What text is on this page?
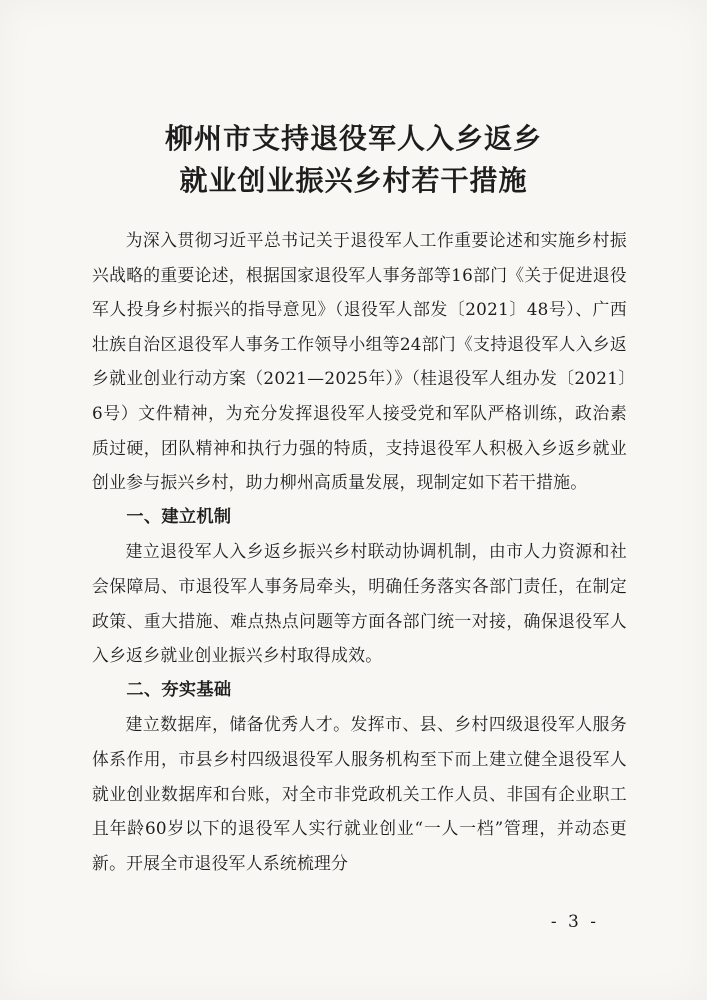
柳州市支持退役军人入乡返乡
就业创业振兴乡村若干措施

为深入贯彻习近平总书记关于退役军人工作重要论述和实施乡村振兴战略的重要论述，根据国家退役军人事务部等16部门《关于促进退役军人投身乡村振兴的指导意见》（退役军人部发〔2021〕48号）、广西壮族自治区退役军人事务工作领导小组等24部门《支持退役军人入乡返乡就业创业行动方案（2021—2025年）》（桂退役军人组办发〔2021〕6号）文件精神，为充分发挥退役军人接受党和军队严格训练，政治素质过硬，团队精神和执行力强的特质，支持退役军人积极入乡返乡就业创业参与振兴乡村，助力柳州高质量发展，现制定如下若干措施。

一、建立机制

建立退役军人入乡返乡振兴乡村联动协调机制，由市人力资源和社会保障局、市退役军人事务局牵头，明确任务落实各部门责任，在制定政策、重大措施、难点热点问题等方面各部门统一对接，确保退役军人入乡返乡就业创业振兴乡村取得成效。

二、夯实基础

建立数据库，储备优秀人才。发挥市、县、乡村四级退役军人服务体系作用，市县乡村四级退役军人服务机构至下而上建立健全退役军人就业创业数据库和台账，对全市非党政机关工作人员、非国有企业职工且年龄60岁以下的退役军人实行就业创业“一人一档”管理，并动态更新。开展全市退役军人系统梳理分

- 3 -
